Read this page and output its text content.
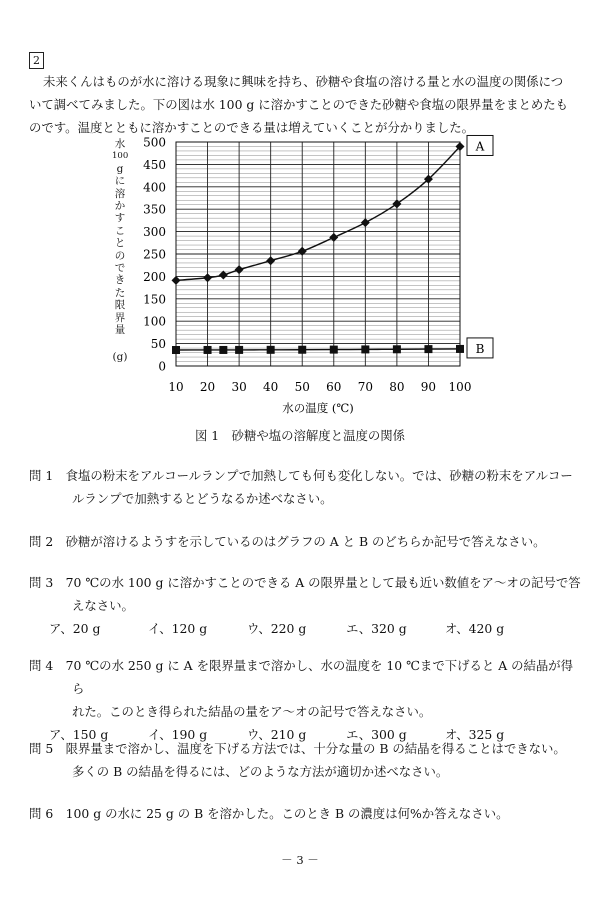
2
未来くんはものが水に溶ける現象に興味を持ち、砂糖や食塩の溶ける量と水の温度の関係について調べてみました。下の図は水 100 g に溶かすことのできた砂糖や食塩の限界量をまとめたものです。温度とともに溶かすことのできる量は増えていくことが分かりました。
水
100
g
に
溶
か
す
こ
と
の
で
き
た
限
界
量

(g)
0
50
100
150
200
250
300
350
400
450
500
10 20 30 40 50 60 70 80 90 100
A
B
水の温度 (℃)
図 1　砂糖や塩の溶解度と温度の関係
問 1　 食塩の粉末をアルコールランプで加熱しても何も変化しない。では、砂糖の粉末をアルコー
ルランプで加熱するとどうなるか述べなさい。
問 2　 砂糖が溶けるようすを示しているのはグラフの A と B のどちらか記号で答えなさい。
問 3　 70 ℃の水 100 g に溶かすことのできる A の限界量として最も近い数値をア～オの記号で答
えなさい。
ア、20 g	イ、120 g	ウ、220 g	エ、320 g	オ、420 g
問 4　 70 ℃の水 250 g に A を限界量まで溶かし、水の温度を 10 ℃まで下げると A の結晶が得ら
れた。このとき得られた結晶の量をア～オの記号で答えなさい。
ア、150 g	イ、190 g	ウ、210 g	エ、300 g	オ、325 g
問 5　 限界量まで溶かし、温度を下げる方法では、十分な量の B の結晶を得ることはできない。
多くの B の結晶を得るには、どのような方法が適切か述べなさい。
問 6　 100 g の水に 25 g の B を溶かした。このとき B の濃度は何%か答えなさい。
－ 3 －
